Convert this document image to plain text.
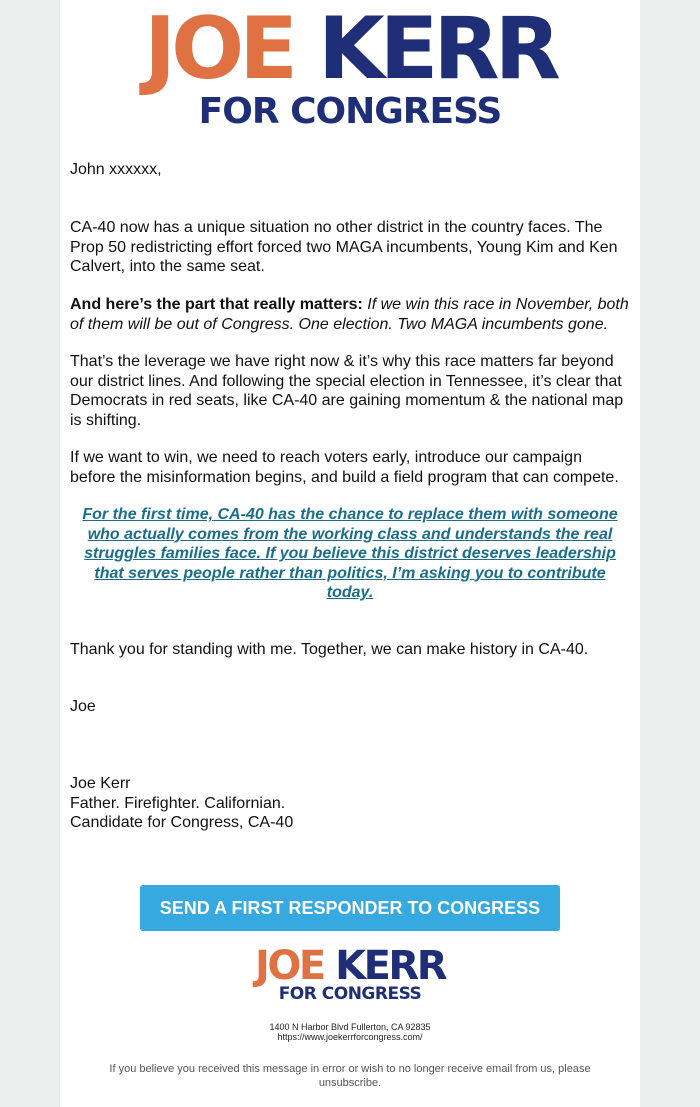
JOE KERR
FOR CONGRESS
John xxxxxx,
CA-40 now has a unique situation no other district in the country faces. The Prop 50 redistricting effort forced two MAGA incumbents, Young Kim and Ken Calvert, into the same seat.
And here’s the part that really matters: If we win this race in November, both of them will be out of Congress. One election. Two MAGA incumbents gone.
That’s the leverage we have right now & it’s why this race matters far beyond our district lines. And following the special election in Tennessee, it’s clear that Democrats in red seats, like CA-40 are gaining momentum & the national map is shifting.
If we want to win, we need to reach voters early, introduce our campaign before the misinformation begins, and build a field program that can compete.
For the first time, CA-40 has the chance to replace them with someone who actually comes from the working class and understands the real struggles families face. If you believe this district deserves leadership that serves people rather than politics, I’m asking you to contribute today.
Thank you for standing with me. Together, we can make history in CA-40.
Joe
Joe Kerr
Father. Firefighter. Californian.
Candidate for Congress, CA-40
SEND A FIRST RESPONDER TO CONGRESS
JOE KERR
FOR CONGRESS
1400 N Harbor Blvd Fullerton, CA 92835
https://www.joekerrforcongress.com/
If you believe you received this message in error or wish to no longer receive email from us, please unsubscribe.
